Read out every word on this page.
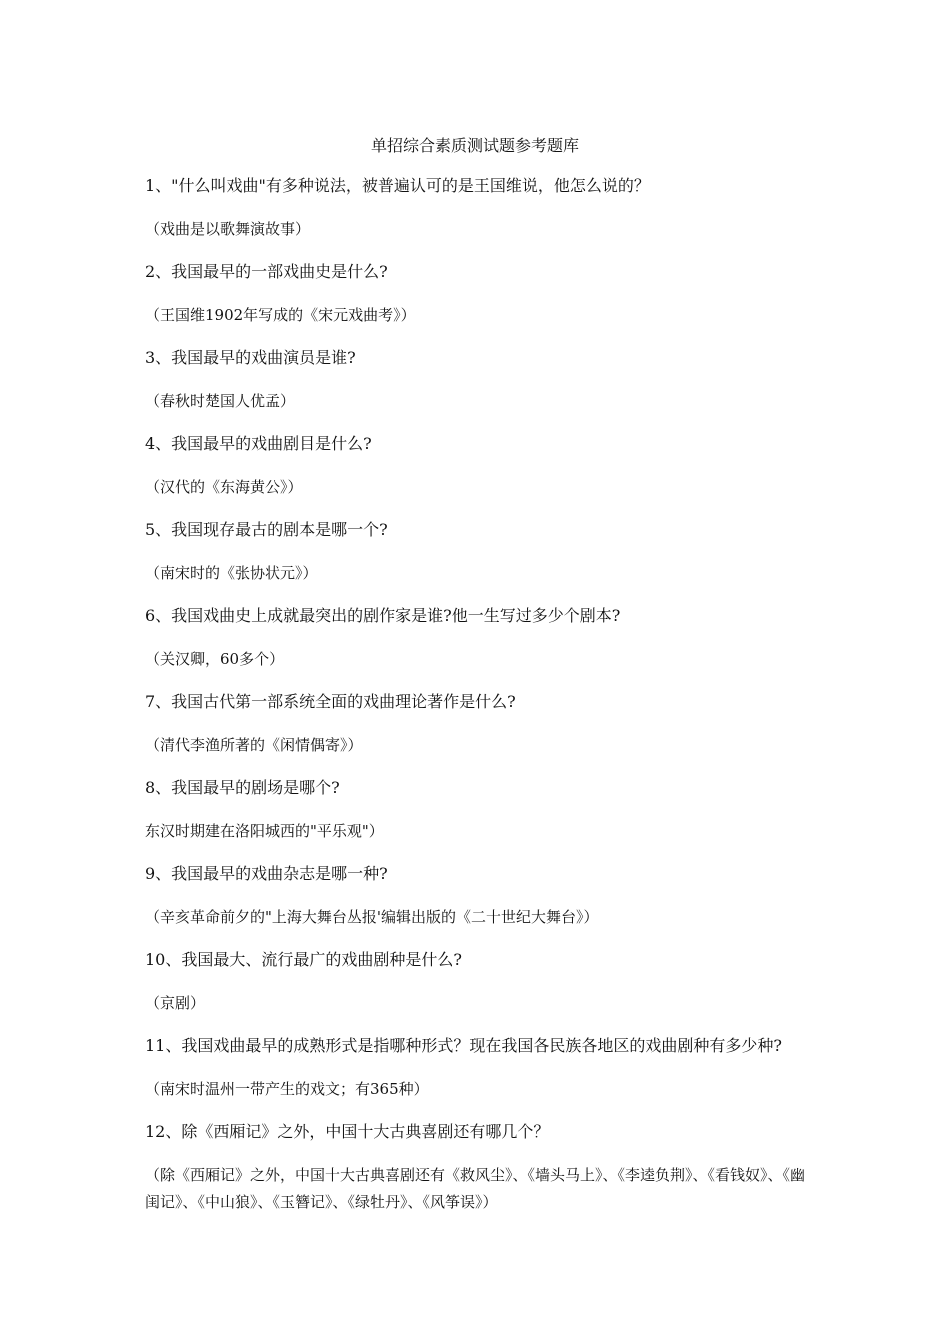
单招综合素质测试题参考题库

1、"什么叫戏曲"有多种说法，被普遍认可的是王国维说，他怎么说的？

（戏曲是以歌舞演故事）

2、我国最早的一部戏曲史是什么?

（王国维1902年写成的《宋元戏曲考》）

3、我国最早的戏曲演员是谁?

（春秋时楚国人优孟）

4、我国最早的戏曲剧目是什么?

（汉代的《东海黄公》）

5、我国现存最古的剧本是哪一个?

（南宋时的《张协状元》）

6、我国戏曲史上成就最突出的剧作家是谁?他一生写过多少个剧本?

（关汉卿，60多个）

7、我国古代第一部系统全面的戏曲理论著作是什么?

（清代李渔所著的《闲情偶寄》）

8、我国最早的剧场是哪个?

东汉时期建在洛阳城西的"平乐观"）

9、我国最早的戏曲杂志是哪一种?

（辛亥革命前夕的"上海大舞台丛报'编辑出版的《二十世纪大舞台》）

10、我国最大、流行最广的戏曲剧种是什么?

（京剧）

11、我国戏曲最早的成熟形式是指哪种形式？现在我国各民族各地区的戏曲剧种有多少种?

（南宋时温州一带产生的戏文；有365种）

12、除《西厢记》之外，中国十大古典喜剧还有哪几个？

（除《西厢记》之外，中国十大古典喜剧还有《救风尘》、《墙头马上》、《李逵负荆》、《看钱奴》、《幽闺记》、《中山狼》、《玉簪记》、《绿牡丹》、《风筝误》）
